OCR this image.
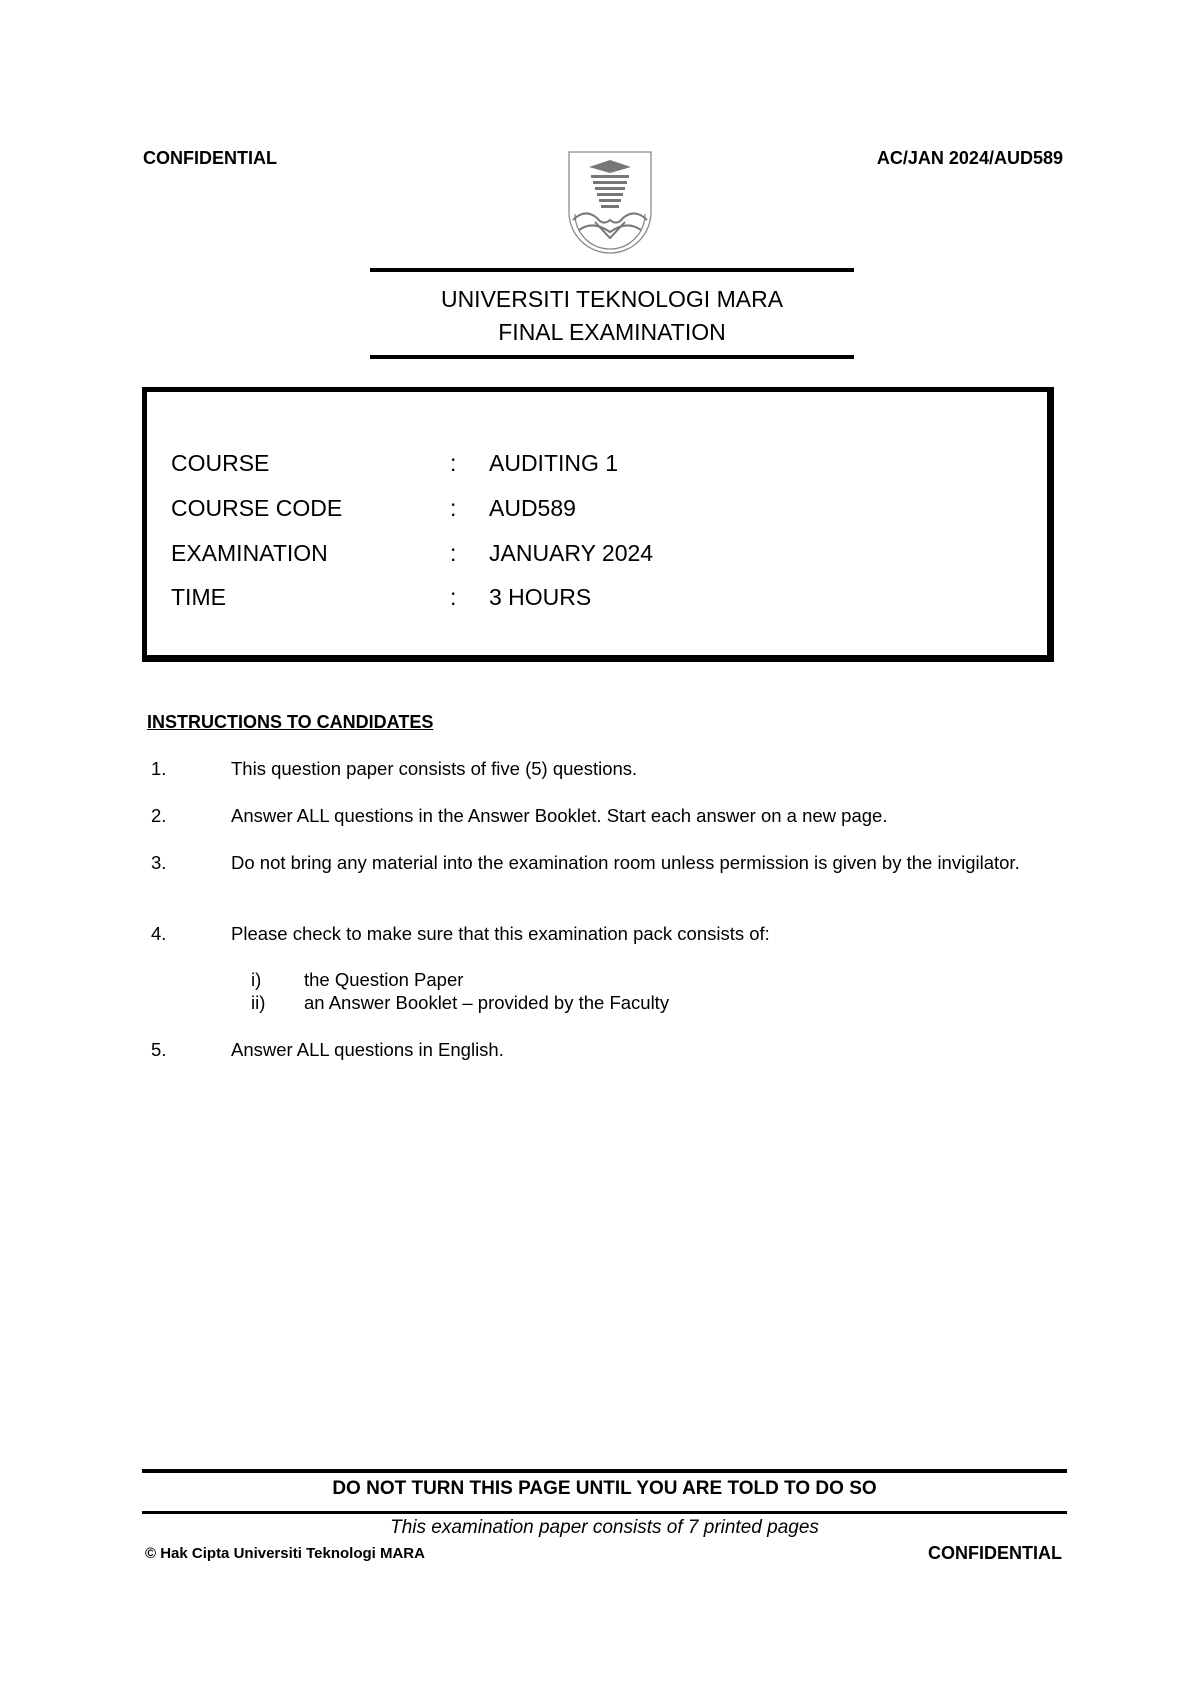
CONFIDENTIAL	AC/JAN 2024/AUD589
UNIVERSITI TEKNOLOGI MARA
FINAL EXAMINATION
COURSE	: AUDITING 1
COURSE CODE	: AUD589
EXAMINATION	: JANUARY 2024
TIME	: 3 HOURS
INSTRUCTIONS TO CANDIDATES
1.	This question paper consists of five (5) questions.
2.	Answer ALL questions in the Answer Booklet. Start each answer on a new page.
3.	Do not bring any material into the examination room unless permission is given by the invigilator.
4.	Please check to make sure that this examination pack consists of:
i) the Question Paper
ii) an Answer Booklet – provided by the Faculty
5.	Answer ALL questions in English.
DO NOT TURN THIS PAGE UNTIL YOU ARE TOLD TO DO SO
This examination paper consists of 7 printed pages
© Hak Cipta Universiti Teknologi MARA	CONFIDENTIAL
